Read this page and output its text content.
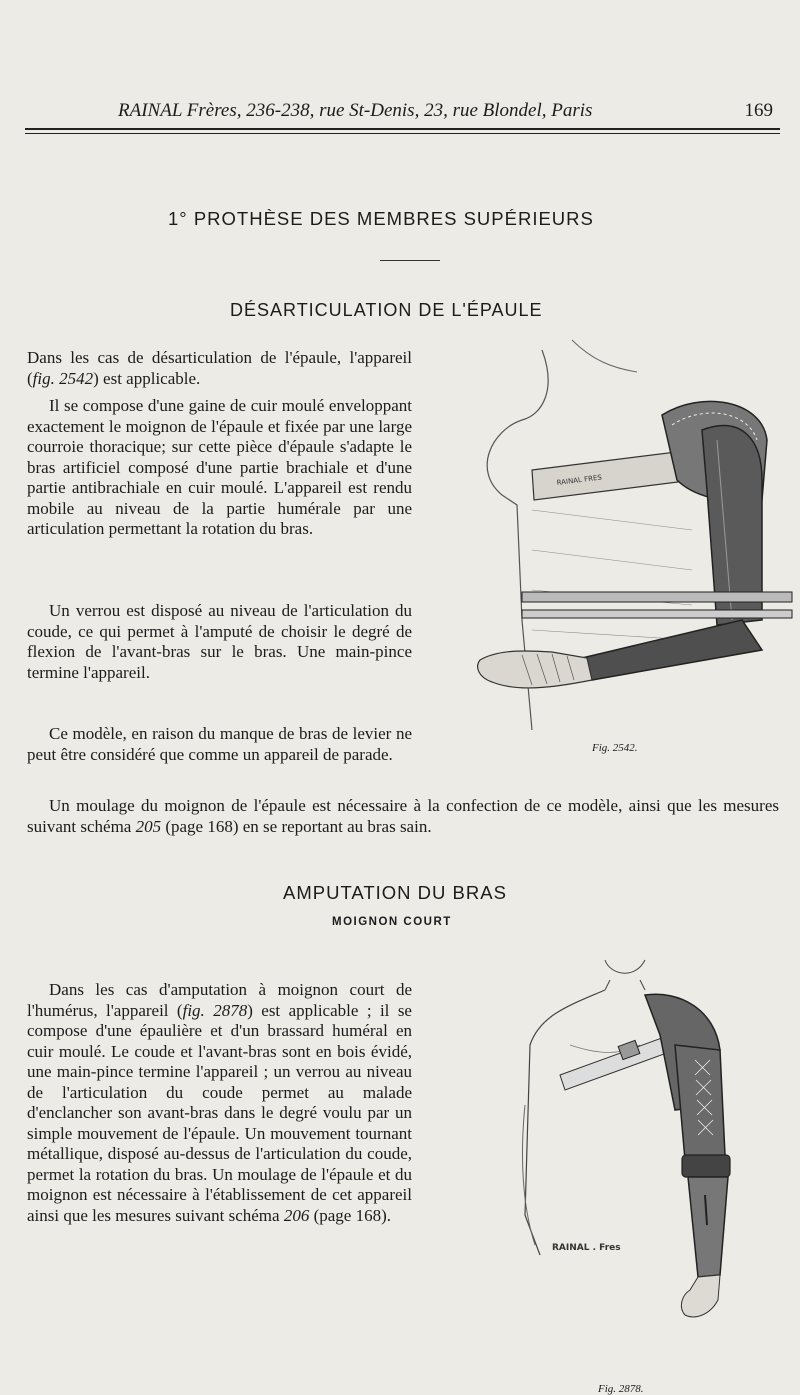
RAINAL Frères, 236-238, rue St-Denis, 23, rue Blondel, Paris	169
1° PROTHÈSE DES MEMBRES SUPÉRIEURS
DÉSARTICULATION DE L'ÉPAULE

Dans les cas de désarticulation de l'épaule, l'appareil (fig. 2542) est applicable.

Il se compose d'une gaine de cuir moulé enveloppant exactement le moignon de l'épaule et fixée par une large courroie thoracique; sur cette pièce d'épaule s'adapte le bras artificiel composé d'une partie brachiale et d'une partie antibrachiale en cuir moulé. L'appareil est rendu mobile au niveau de la partie humérale par une articulation permettant la rotation du bras.

Un verrou est disposé au niveau de l'articulation du coude, ce qui permet à l'amputé de choisir le degré de flexion de l'avant-bras sur le bras. Une main-pince termine l'appareil.

Ce modèle, en raison du manque de bras de levier ne peut être considéré que comme un appareil de parade.

Un moulage du moignon de l'épaule est nécessaire à la confection de ce modèle, ainsi que les mesures suivant schéma 205 (page 168) en se reportant au bras sain.

RAINAL FRES
Fig. 2542.
AMPUTATION DU BRAS
MOIGNON COURT

Dans les cas d'amputation à moignon court de l'humérus, l'appareil (fig. 2878) est applicable ; il se compose d'une épaulière et d'un brassard huméral en cuir moulé. Le coude et l'avant-bras sont en bois évidé, une main-pince termine l'appareil ; un verrou au niveau de l'articulation du coude permet au malade d'enclancher son avant-bras dans le degré voulu par un simple mouvement de l'épaule. Un mouvement tournant métallique, disposé au-dessus de l'articulation du coude, permet la rotation du bras. Un moulage de l'épaule et du moignon est nécessaire à l'établissement de cet appareil ainsi que les mesures suivant schéma 206 (page 168).

RAINAL . Fres
Fig. 2878.
